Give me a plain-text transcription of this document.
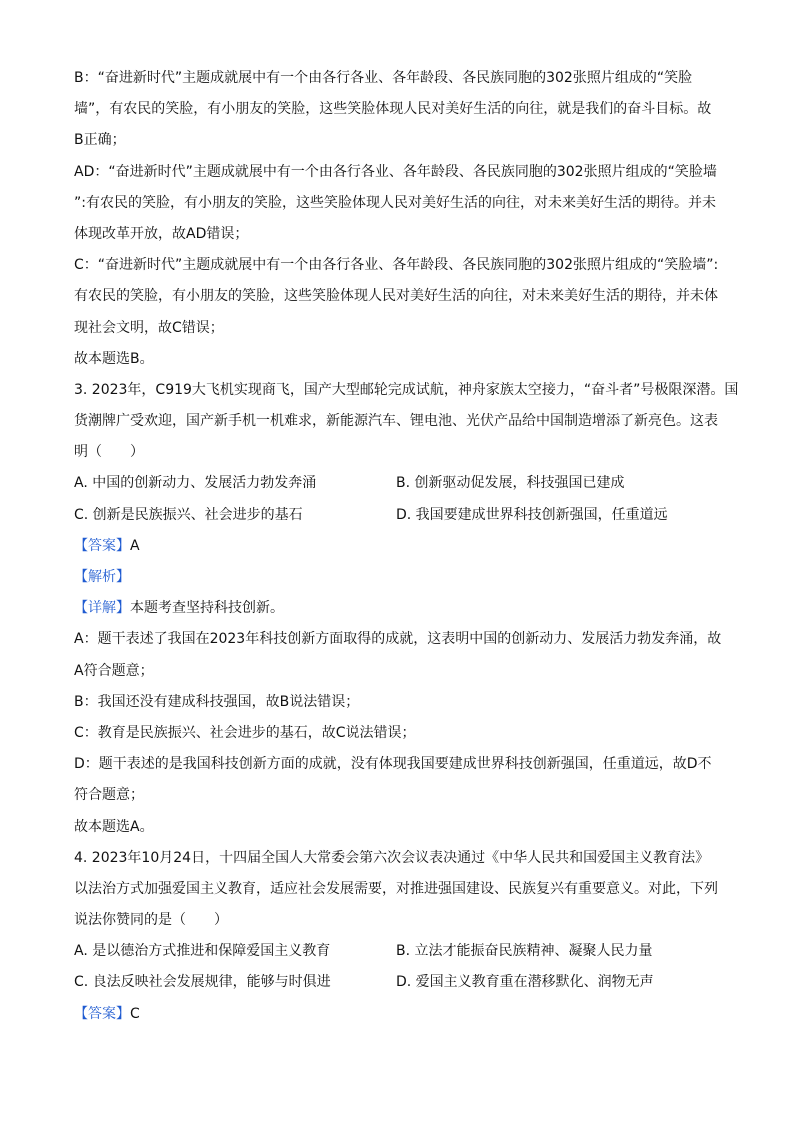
B：“奋进新时代”主题成就展中有一个由各行各业、各年龄段、各民族同胞的302张照片组成的“笑脸

墙”，有农民的笑脸，有小朋友的笑脸，这些笑脸体现人民对美好生活的向往，就是我们的奋斗目标。故

B正确；

AD：“奋进新时代”主题成就展中有一个由各行各业、各年龄段、各民族同胞的302张照片组成的“笑脸墙

”:有农民的笑脸，有小朋友的笑脸，这些笑脸体现人民对美好生活的向往，对未来美好生活的期待。并未

体现改革开放，故AD错误；

C：“奋进新时代”主题成就展中有一个由各行各业、各年龄段、各民族同胞的302张照片组成的“笑脸墙”:

有农民的笑脸，有小朋友的笑脸，这些笑脸体现人民对美好生活的向往，对未来美好生活的期待，并未体

现社会文明，故C错误；

故本题选B。

3. 2023年，C919大飞机实现商飞，国产大型邮轮完成试航，神舟家族太空接力，“奋斗者”号极限深潜。国

货潮牌广受欢迎，国产新手机一机难求，新能源汽车、锂电池、光伏产品给中国制造增添了新亮色。这表

明（　　）

A. 中国的创新动力、发展活力勃发奔涌	B. 创新驱动促发展，科技强国已建成
C. 创新是民族振兴、社会进步的基石	D. 我国要建成世界科技创新强国，任重道远

【答案】A

【解析】

【详解】本题考查坚持科技创新。

A：题干表述了我国在2023年科技创新方面取得的成就，这表明中国的创新动力、发展活力勃发奔涌，故

A符合题意；

B：我国还没有建成科技强国，故B说法错误；

C：教育是民族振兴、社会进步的基石，故C说法错误；

D：题干表述的是我国科技创新方面的成就，没有体现我国要建成世界科技创新强国，任重道远，故D不

符合题意；

故本题选A。

4. 2023年10月24日，十四届全国人大常委会第六次会议表决通过《中华人民共和国爱国主义教育法》

以法治方式加强爱国主义教育，适应社会发展需要，对推进强国建设、民族复兴有重要意义。对此，下列

说法你赞同的是（　　）

A. 是以德治方式推进和保障爱国主义教育	B. 立法才能振奋民族精神、凝聚人民力量
C. 良法反映社会发展规律，能够与时俱进	D. 爱国主义教育重在潜移默化、润物无声

【答案】C
